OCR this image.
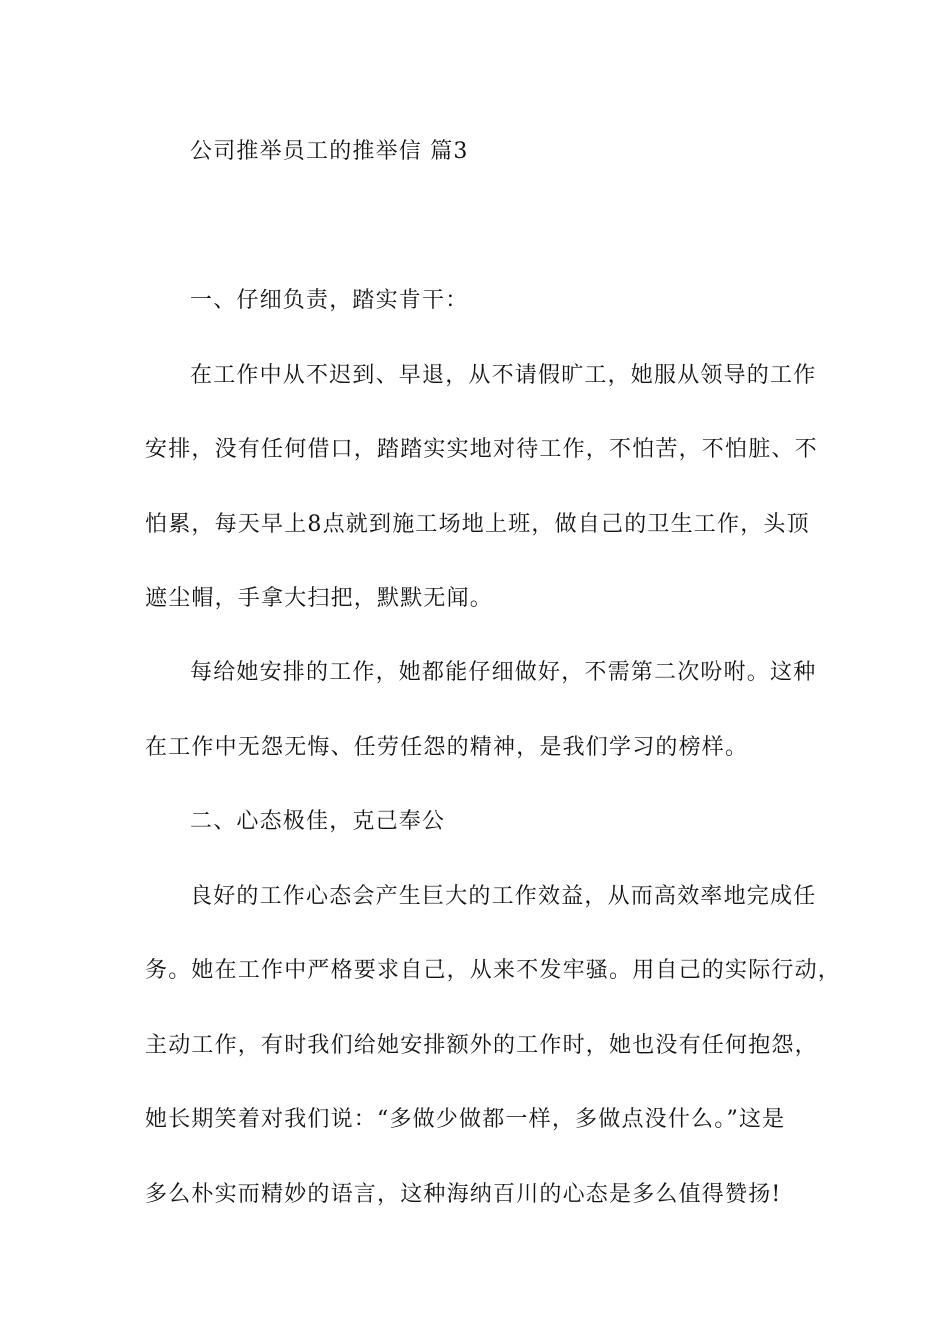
公司推举员工的推举信 篇3
一、仔细负责，踏实肯干：
在工作中从不迟到、早退，从不请假旷工，她服从领导的工作
安排，没有任何借口，踏踏实实地对待工作，不怕苦，不怕脏、不
怕累，每天早上8点就到施工场地上班，做自己的卫生工作，头顶
遮尘帽，手拿大扫把，默默无闻。
每给她安排的工作，她都能仔细做好，不需第二次吩咐。这种
在工作中无怨无悔、任劳任怨的精神，是我们学习的榜样。
二、心态极佳，克己奉公
良好的工作心态会产生巨大的工作效益，从而高效率地完成任
务。她在工作中严格要求自己，从来不发牢骚。用自己的实际行动，
主动工作，有时我们给她安排额外的工作时，她也没有任何抱怨，
她长期笑着对我们说：“多做少做都一样，多做点没什么。”这是
多么朴实而精妙的语言，这种海纳百川的心态是多么值得赞扬!
